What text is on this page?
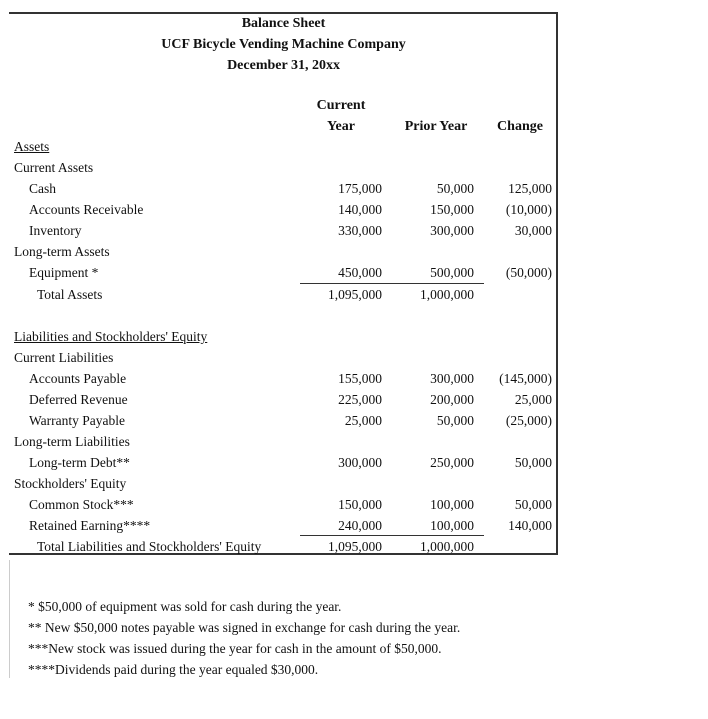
Balance Sheet
UCF Bicycle Vending Machine Company
December 31, 20xx
Current
Year	Prior Year	Change
Assets
Current Assets
Cash	175,000	50,000	125,000
Accounts Receivable	140,000	150,000	(10,000)
Inventory	330,000	300,000	30,000
Long-term Assets
Equipment *	450,000	500,000	(50,000)
Total Assets	1,095,000	1,000,000
Liabilities and Stockholders' Equity
Current Liabilities
Accounts Payable	155,000	300,000	(145,000)
Deferred Revenue	225,000	200,000	25,000
Warranty Payable	25,000	50,000	(25,000)
Long-term Liabilities
Long-term Debt**	300,000	250,000	50,000
Stockholders' Equity
Common Stock***	150,000	100,000	50,000
Retained Earning****	240,000	100,000	140,000
Total Liabilities and Stockholders' Equity	1,095,000	1,000,000
* $50,000 of equipment was sold for cash during the year.
** New $50,000 notes payable was signed in exchange for cash during the year.
***New stock was issued during the year for cash in the amount of $50,000.
****Dividends paid during the year equaled $30,000.
